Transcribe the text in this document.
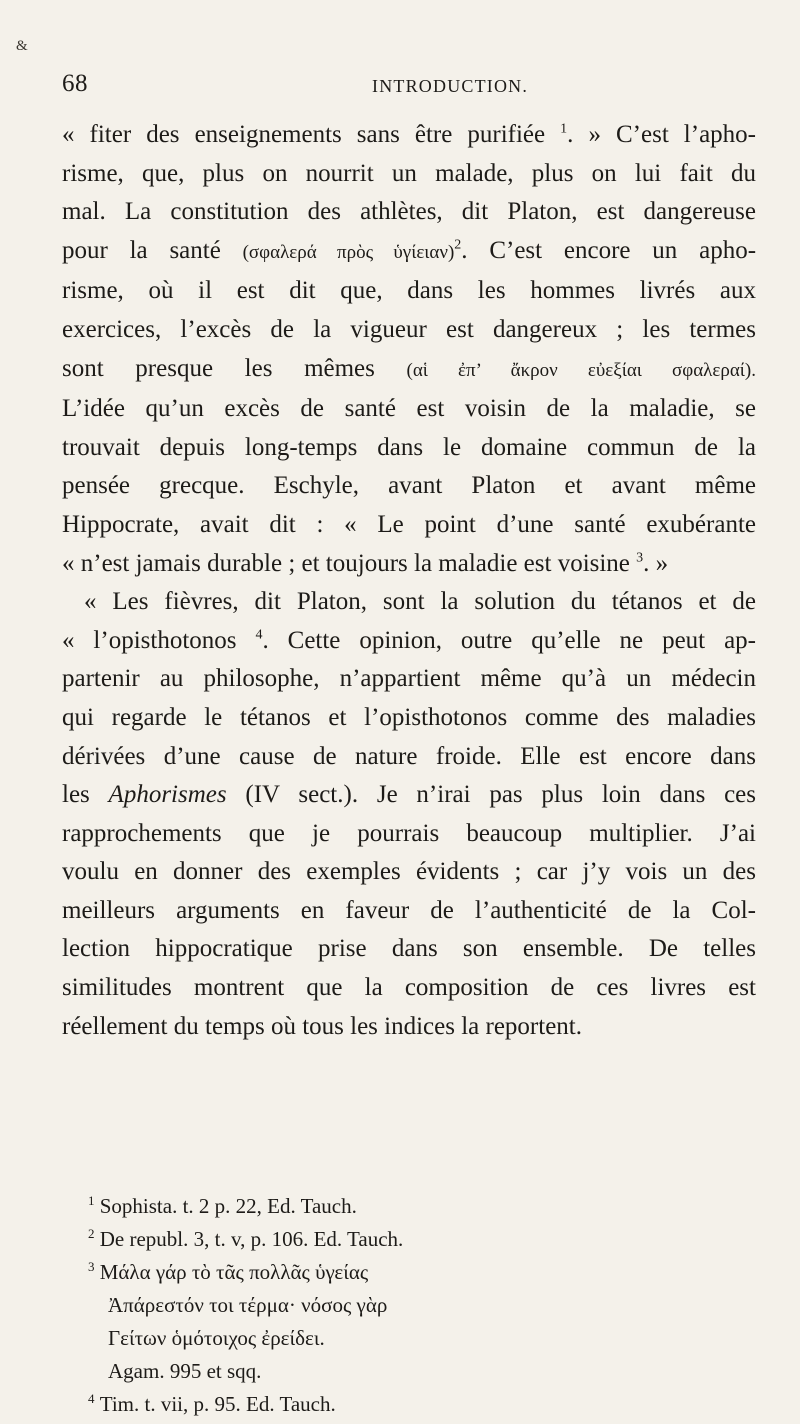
&
68	INTRODUCTION.
« fiter des enseignements sans être purifiée $^1$. » C’est l’apho-
risme, que, plus on nourrit un malade, plus on lui fait du
mal. La constitution des athlètes, dit Platon, est dangereuse
pour la santé (σφαλερά πρὸς ὑγίειαν)$^2$. C’est encore un apho-
risme, où il est dit que, dans les hommes livrés aux
exercices, l’excès de la vigueur est dangereux ; les termes
sont presque les mêmes (αἱ ἐπ’ ἄκρον εὐεξίαι σφαλεραί).
L’idée qu’un excès de santé est voisin de la maladie, se
trouvait depuis long-temps dans le domaine commun de la
pensée grecque. Eschyle, avant Platon et avant même
Hippocrate, avait dit : « Le point d’une santé exubérante
« n’est jamais durable ; et toujours la maladie est voisine $^3$. »
« Les fièvres, dit Platon, sont la solution du tétanos et de
« l’opisthotonos $^4$. Cette opinion, outre qu’elle ne peut ap-
partenir au philosophe, n’appartient même qu’à un médecin
qui regarde le tétanos et l’opisthotonos comme des maladies
dérivées d’une cause de nature froide. Elle est encore dans
les Aphorismes (IV sect.). Je n’irai pas plus loin dans ces
rapprochements que je pourrais beaucoup multiplier. J’ai
voulu en donner des exemples évidents ; car j’y vois un des
meilleurs arguments en faveur de l’authenticité de la Col-
lection hippocratique prise dans son ensemble. De telles
similitudes montrent que la composition de ces livres est
réellement du temps où tous les indices la reportent.
$^1$ Sophista. t. 2 p. 22, Ed. Tauch.
$^2$ De republ. 3, t. v, p. 106. Ed. Tauch.
$^3$ Μάλα γάρ τὸ τᾶς πολλᾶς ὑγείας
Ἀπάρεστόν τοι τέρμα· νόσος γὰρ
Γείτων ὁμότοιχος ἐρείδει.
Agam. 995 et sqq.
$^4$ Tim. t. vii, p. 95. Ed. Tauch.
